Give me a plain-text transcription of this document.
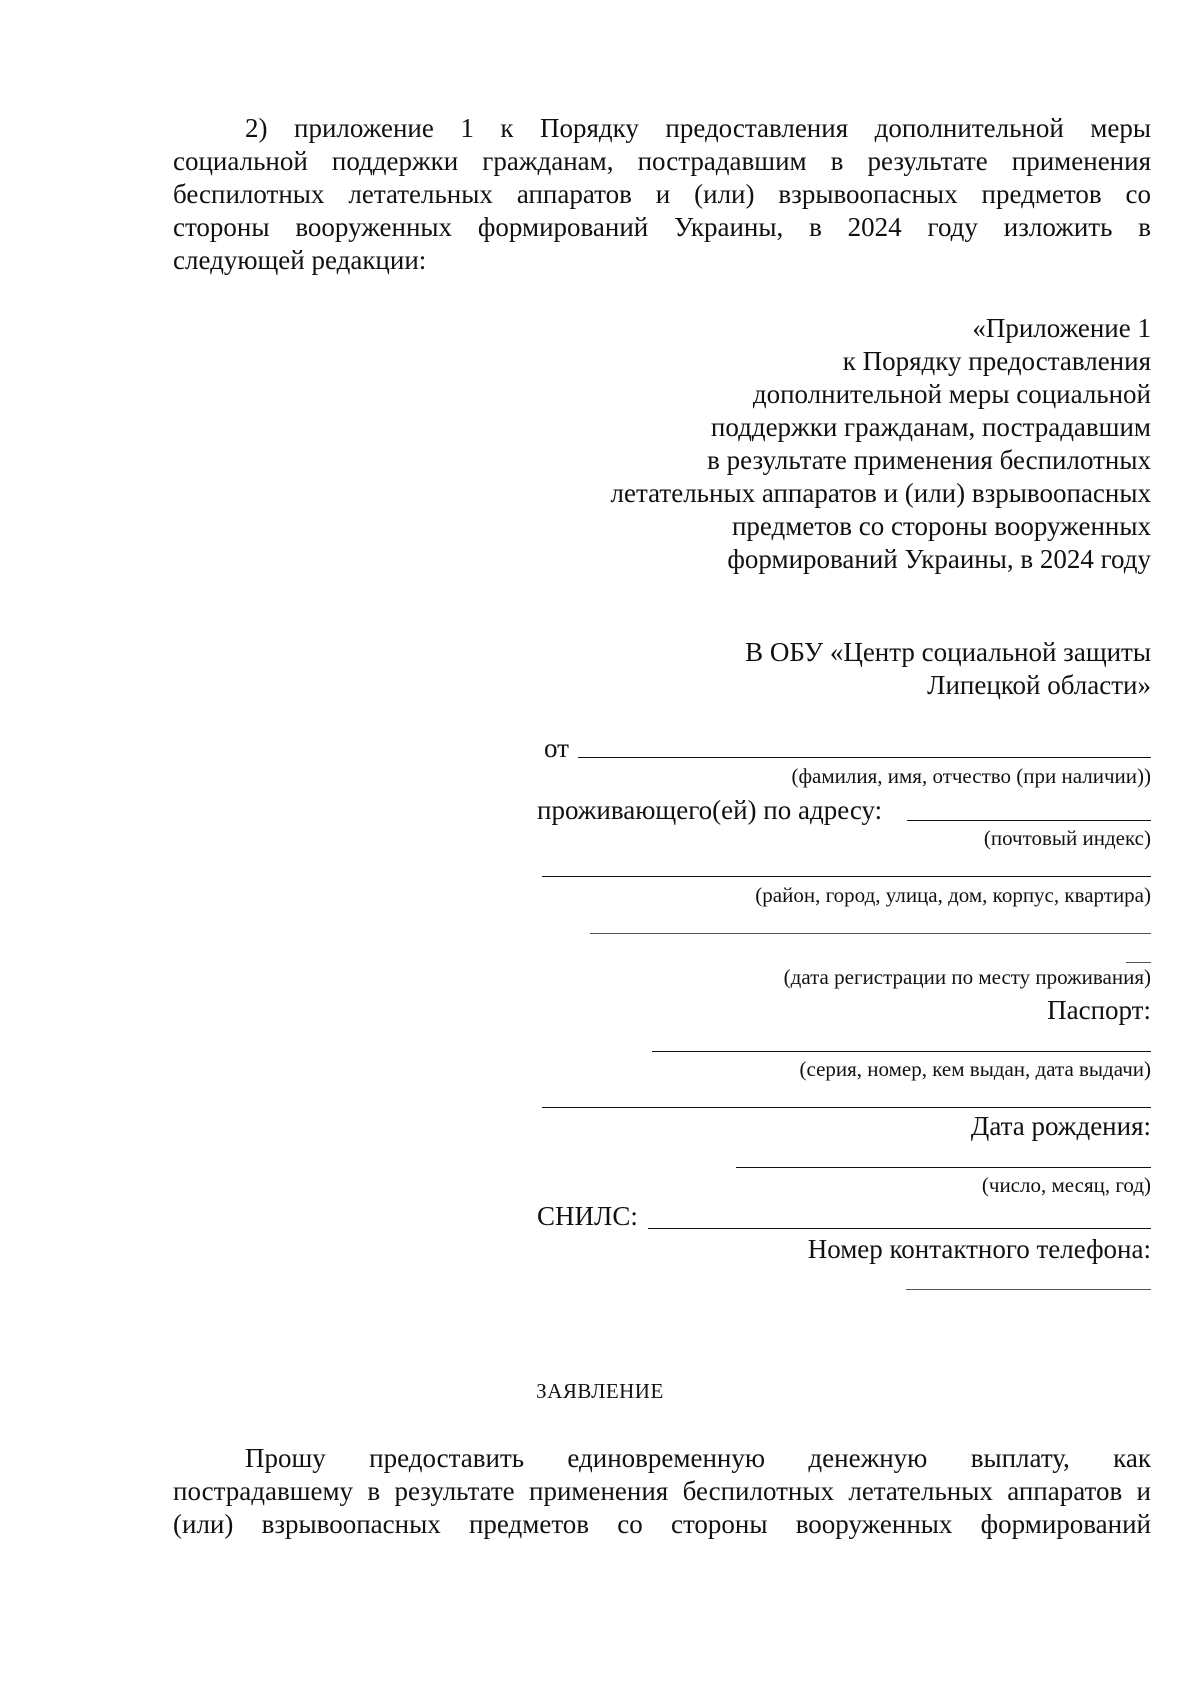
2) приложение 1 к Порядку предоставления дополнительной меры
социальной поддержки гражданам, пострадавшим в результате применения
беспилотных летательных аппаратов и (или) взрывоопасных предметов со
стороны вооруженных формирований Украины, в 2024 году изложить в
следующей редакции:
«Приложение 1
к Порядку предоставления
дополнительной меры социальной
поддержки гражданам, пострадавшим
в результате применения беспилотных
летательных аппаратов и (или) взрывоопасных
предметов со стороны вооруженных
формирований Украины, в 2024 году
В ОБУ «Центр социальной защиты
Липецкой области»
от
(фамилия, имя, отчество (при наличии))
проживающего(ей) по адресу:
(почтовый индекс)
(район, город, улица, дом, корпус, квартира)
(дата регистрации по месту проживания)
Паспорт:
(серия, номер, кем выдан, дата выдачи)
Дата рождения:
(число, месяц, год)
СНИЛС:
Номер контактного телефона:
ЗАЯВЛЕНИЕ
Прошу предоставить единовременную денежную выплату, как
пострадавшему в результате применения беспилотных летательных аппаратов и
(или) взрывоопасных предметов со стороны вооруженных формирований
